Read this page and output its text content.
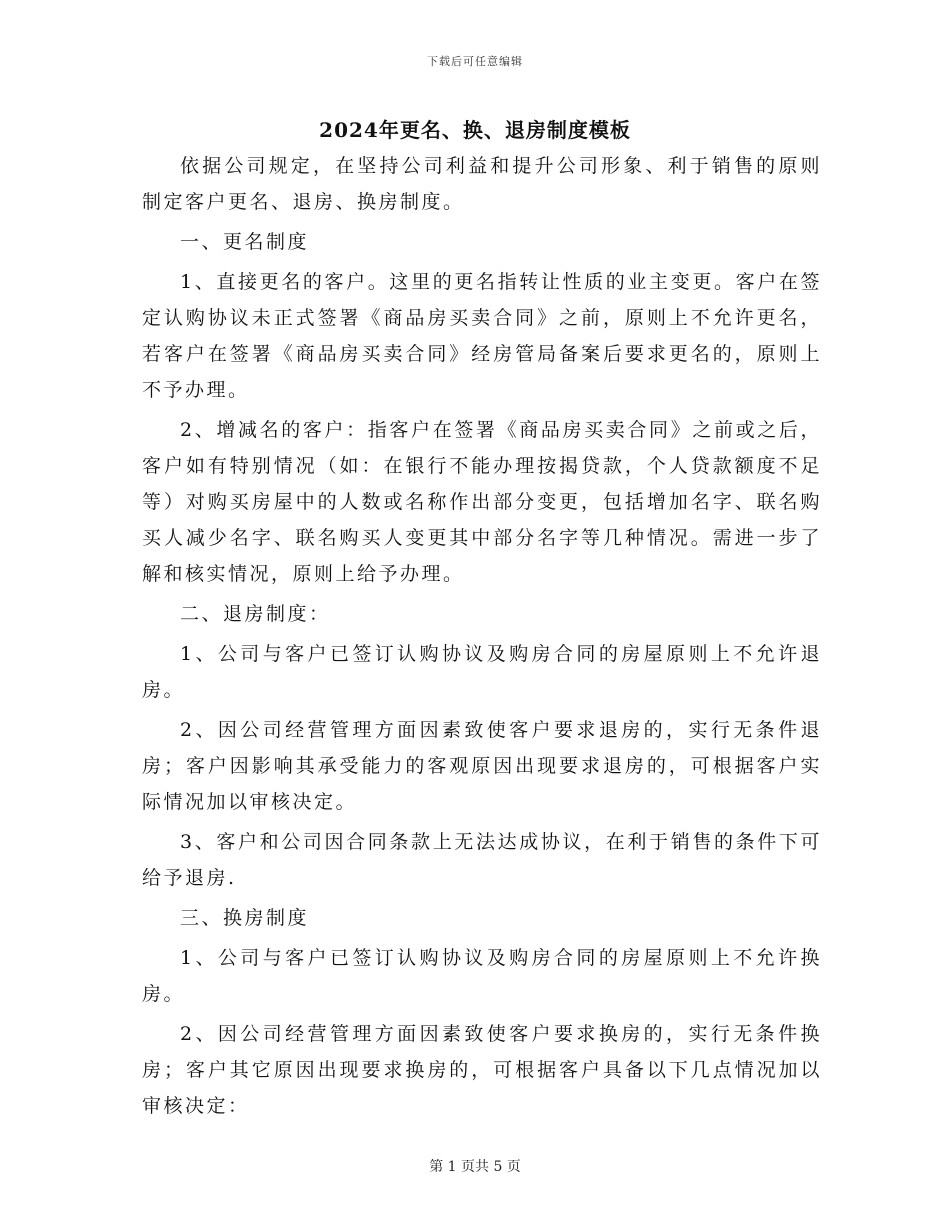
下载后可任意编辑
2024年更名、换、退房制度模板

依据公司规定，在坚持公司利益和提升公司形象、利于销售的原则制定客户更名、退房、换房制度。

一、更名制度

1、直接更名的客户。这里的更名指转让性质的业主变更。客户在签定认购协议未正式签署《商品房买卖合同》之前，原则上不允许更名，若客户在签署《商品房买卖合同》经房管局备案后要求更名的，原则上不予办理。

2、增减名的客户：指客户在签署《商品房买卖合同》之前或之后，客户如有特别情况（如：在银行不能办理按揭贷款，个人贷款额度不足等）对购买房屋中的人数或名称作出部分变更，包括增加名字、联名购买人减少名字、联名购买人变更其中部分名字等几种情况。需进一步了解和核实情况，原则上给予办理。

二、退房制度：

1、公司与客户已签订认购协议及购房合同的房屋原则上不允许退房。

2、因公司经营管理方面因素致使客户要求退房的，实行无条件退房；客户因影响其承受能力的客观原因出现要求退房的，可根据客户实际情况加以审核决定。

3、客户和公司因合同条款上无法达成协议，在利于销售的条件下可给予退房.

三、换房制度

1、公司与客户已签订认购协议及购房合同的房屋原则上不允许换房。

2、因公司经营管理方面因素致使客户要求换房的，实行无条件换房；客户其它原因出现要求换房的，可根据客户具备以下几点情况加以审核决定：

第 1 页共 5 页
